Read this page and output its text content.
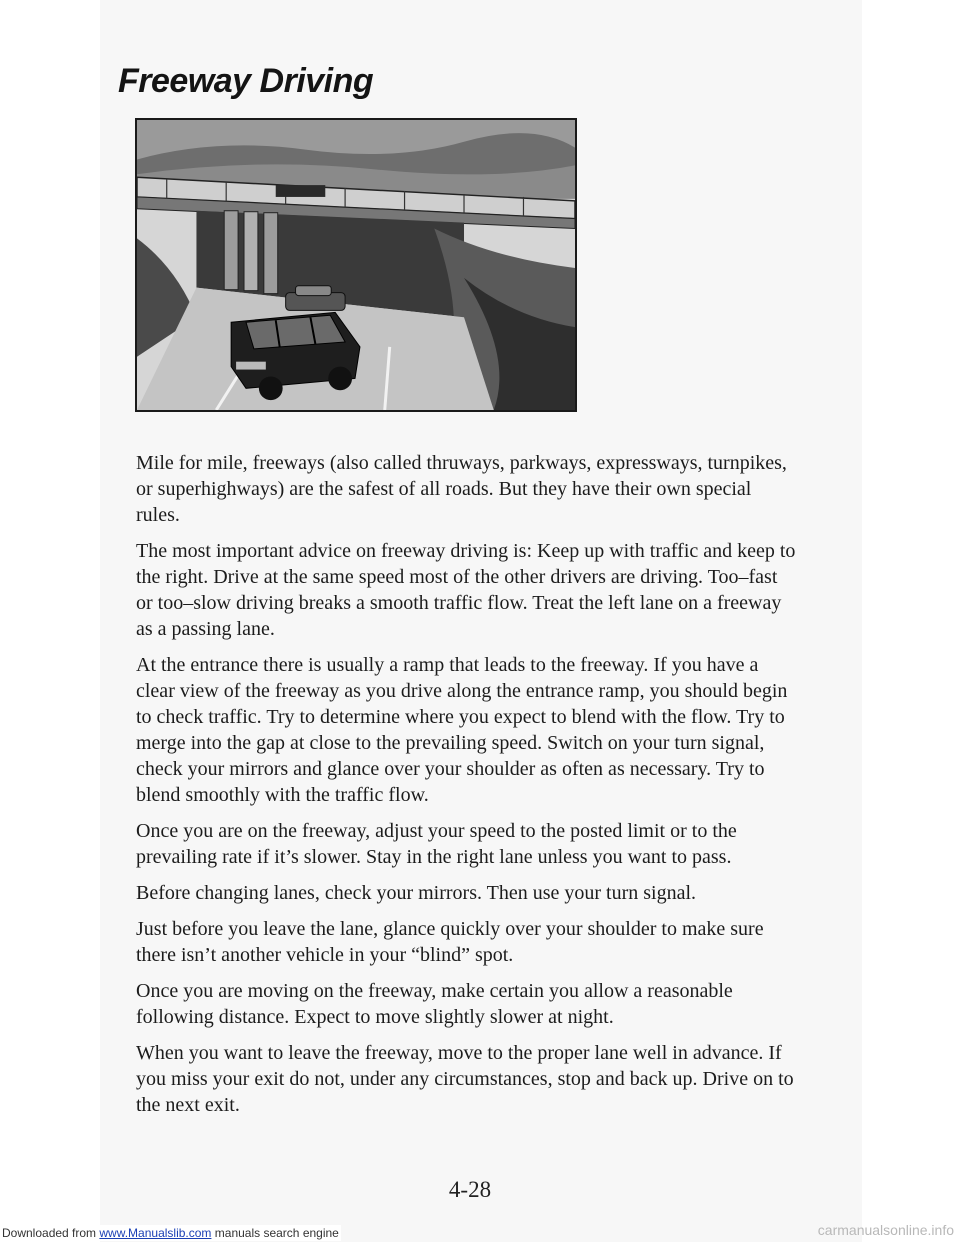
Freeway Driving

Mile for mile, freeways (also called thruways, parkways, expressways, turnpikes, or superhighways) are the safest of all roads. But they have their own special rules.

The most important advice on freeway driving is: Keep up with traffic and keep to the right. Drive at the same speed most of the other drivers are driving. Too–fast or too–slow driving breaks a smooth traffic flow. Treat the left lane on a freeway as a passing lane.

At the entrance there is usually a ramp that leads to the freeway. If you have a clear view of the freeway as you drive along the entrance ramp, you should begin to check traffic. Try to determine where you expect to blend with the flow. Try to merge into the gap at close to the prevailing speed. Switch on your turn signal, check your mirrors and glance over your shoulder as often as necessary. Try to blend smoothly with the traffic flow.

Once you are on the freeway, adjust your speed to the posted limit or to the prevailing rate if it’s slower. Stay in the right lane unless you want to pass.

Before changing lanes, check your mirrors. Then use your turn signal.

Just before you leave the lane, glance quickly over your shoulder to make sure there isn’t another vehicle in your “blind” spot.

Once you are moving on the freeway, make certain you allow a reasonable following distance. Expect to move slightly slower at night.

When you want to leave the freeway, move to the proper lane well in advance. If you miss your exit do not, under any circumstances, stop and back up. Drive on to the next exit.

4-28
Downloaded from www.Manualslib.com manuals search engine	carmanualsonline.info
